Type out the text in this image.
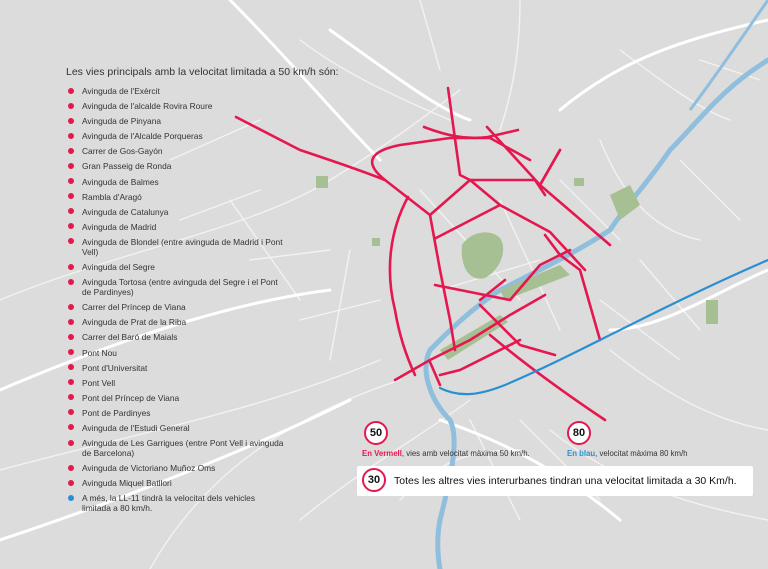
Les vies principals amb la velocitat limitada a 50 km/h són:
Avinguda de l'Exèrcit
Avinguda de l'alcalde Rovira Roure
Avinguda de Pinyana
Avinguda de l'Alcalde Porqueras
Carrer de Gos-Gayón
Gran Passeig de Ronda
Avinguda de Balmes
Rambla d'Aragó
Avinguda de Catalunya
Avinguda de Madrid
Avinguda de Blondel (entre avinguda de Madrid i Pont Vell)
Avinguda del Segre
Avinguda Tortosa (entre avinguda del Segre i el Pont de Pardinyes)
Carrer del Príncep de Viana
Avinguda de Prat de la Riba
Carrer del Baró de Maials
Pont Nou
Pont d'Universitat
Pont Vell
Pont del Príncep de Viana
Pont de Pardinyes
Avinguda de l'Estudi General
Avinguda de Les Garrigues (entre Pont Vell i avinguda de Barcelona)
Avinguda de Victoriano Muñoz Oms
Avinguda Miquel Batllori
A més, la LL-11 tindrà la velocitat dels vehicles limitada a 80 km/h.
50
En Vermell, vies amb velocitat màxima 50 km/h.
80
En blau, velocitat màxima 80 km/h
30	Totes les altres vies interurbanes tindran una velocitat limitada a 30 Km/h.
